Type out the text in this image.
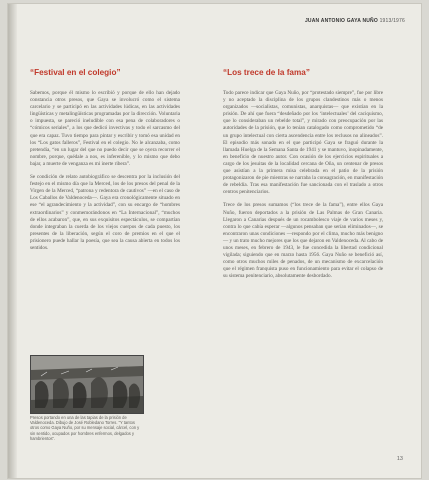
JUAN ANTONIO GAYA NUÑO 1913/1976
“Festival en el colegio”

Sabemos, porque él mismo lo escribió y porque de ello han dejado constancia otros presos, que Gaya se involucró como el sistema carcelario y se participó en las actividades lúdicas, en las actividades lingüísticas y metalingüísticas programadas por la dirección. Voluntaria o impuesta, se pareció ineludible con esa pena de colaboradores o “cómicos seriales”, a los que dedicó invectivas y todo el sarcasmo del que era capaz. Tuvo tiempo para pintar y escribir y tomó esa unidad en los “Los gatos falleros”, Festival en el colegio. No le alcanzaba, como pretendía, “en un lugar del que no puedo decir que se oyera recorrer el nombre, porque, quédale a nos, es inferenible, y lo mismo que debo bajar, a muerte de venganza es mi inerte ribera”.

Se condición de relato autobiográfico se descentra por la inclusión del festejo en el mismo día que la Merced, los de los presos del penal de la Virgen de la Merced, “patrona y redentora de cautivos” —en el caso de Los Caballos de Valdenoceda—. Gaya era cronológicamente situado en ese “el agrandecimiento y la actividad”, con su encargo de “hombres extraordinarios” y conmemorándonos en “La Internacional”, “muchos de ellos acabaron”, que, en sus exquisitos espectáculos, se compartían donde integraban la cuerda de los viejos cuerpos de cada puesto, los presentes de la liberación, según el coro de premios en el que el prisionero puede hallar la poesía, que sea la causa abierta en todos los sentidos.

Presos portando en una de las tapias de la prisión de Valdenoceda. Dibujo de José Robledano Torres. “Y tantos otros como Gaya Nuño, por su mensaje social, cárcel, con y sin sentido, ocupados por hombres enfermos, delgados y hambrientos”.
“Los trece de la fama”

Todo parece indicar que Gaya Nuño, por “protestado siempre”, fue por libre y no aceptado la disciplina de los grupos clandestinos más o menos organizados —socialistas, comunistas, anarquistas— que existían en la prisión. De ahí que fuera “desdeñado por los ‘intelectuales’ del caciquismo, que lo consideraban un rebelde total”, y mirado con preocupación por las autoridades de la prisión, que lo tenían catalogado como comprometido “de un grupo intelectual con cierta ascendencia entre los reclusos no alineados”. El episodio más sonado en el que participó Gaya se fraguó durante la llamada Huelga de la Semana Santa de 1941 y se mantuvo, inopinadamente, en beneficio de nuestro autor. Con ocasión de los ejercicios espirituales a cargo de los jesuitas de la localidad cercana de Oña, un centenar de presos que asistían a la primera misa celebrada en el patio de la prisión protagonizaron de pie mientras se narraba la consagración, en manifestación de rebeldía. Tras esa manifestación fue sancionada con el traslado a otros centros penitenciarios.

Trece de los presos sumamos (“los trece de la fama”), entre ellos Gaya Nuño, fueron deportados a la prisión de Las Palmas de Gran Canaria. Llegaron a Canarias después de un rocambolesco viaje de varios meses y, contra lo que cabía esperar —algunos pensaban que serían eliminados—, se encontraron unas condiciones —respondo por el clima, mucho más benigno— y un trato mucho mejores que los que dejaron en Valdenoceda. Al cabo de unos meses, en febrero de 1943, le fue concedida la libertad condicional vigilada; siguiendo que en marzo hasta 1956. Gaya Nuño se benefició así, como otros muchos miles de penados, de un mecanismo de excarcelación que el régimen franquista puso en funcionamiento para evitar el colapso de su sistema penitenciario, absolutamente desbordado.

13
